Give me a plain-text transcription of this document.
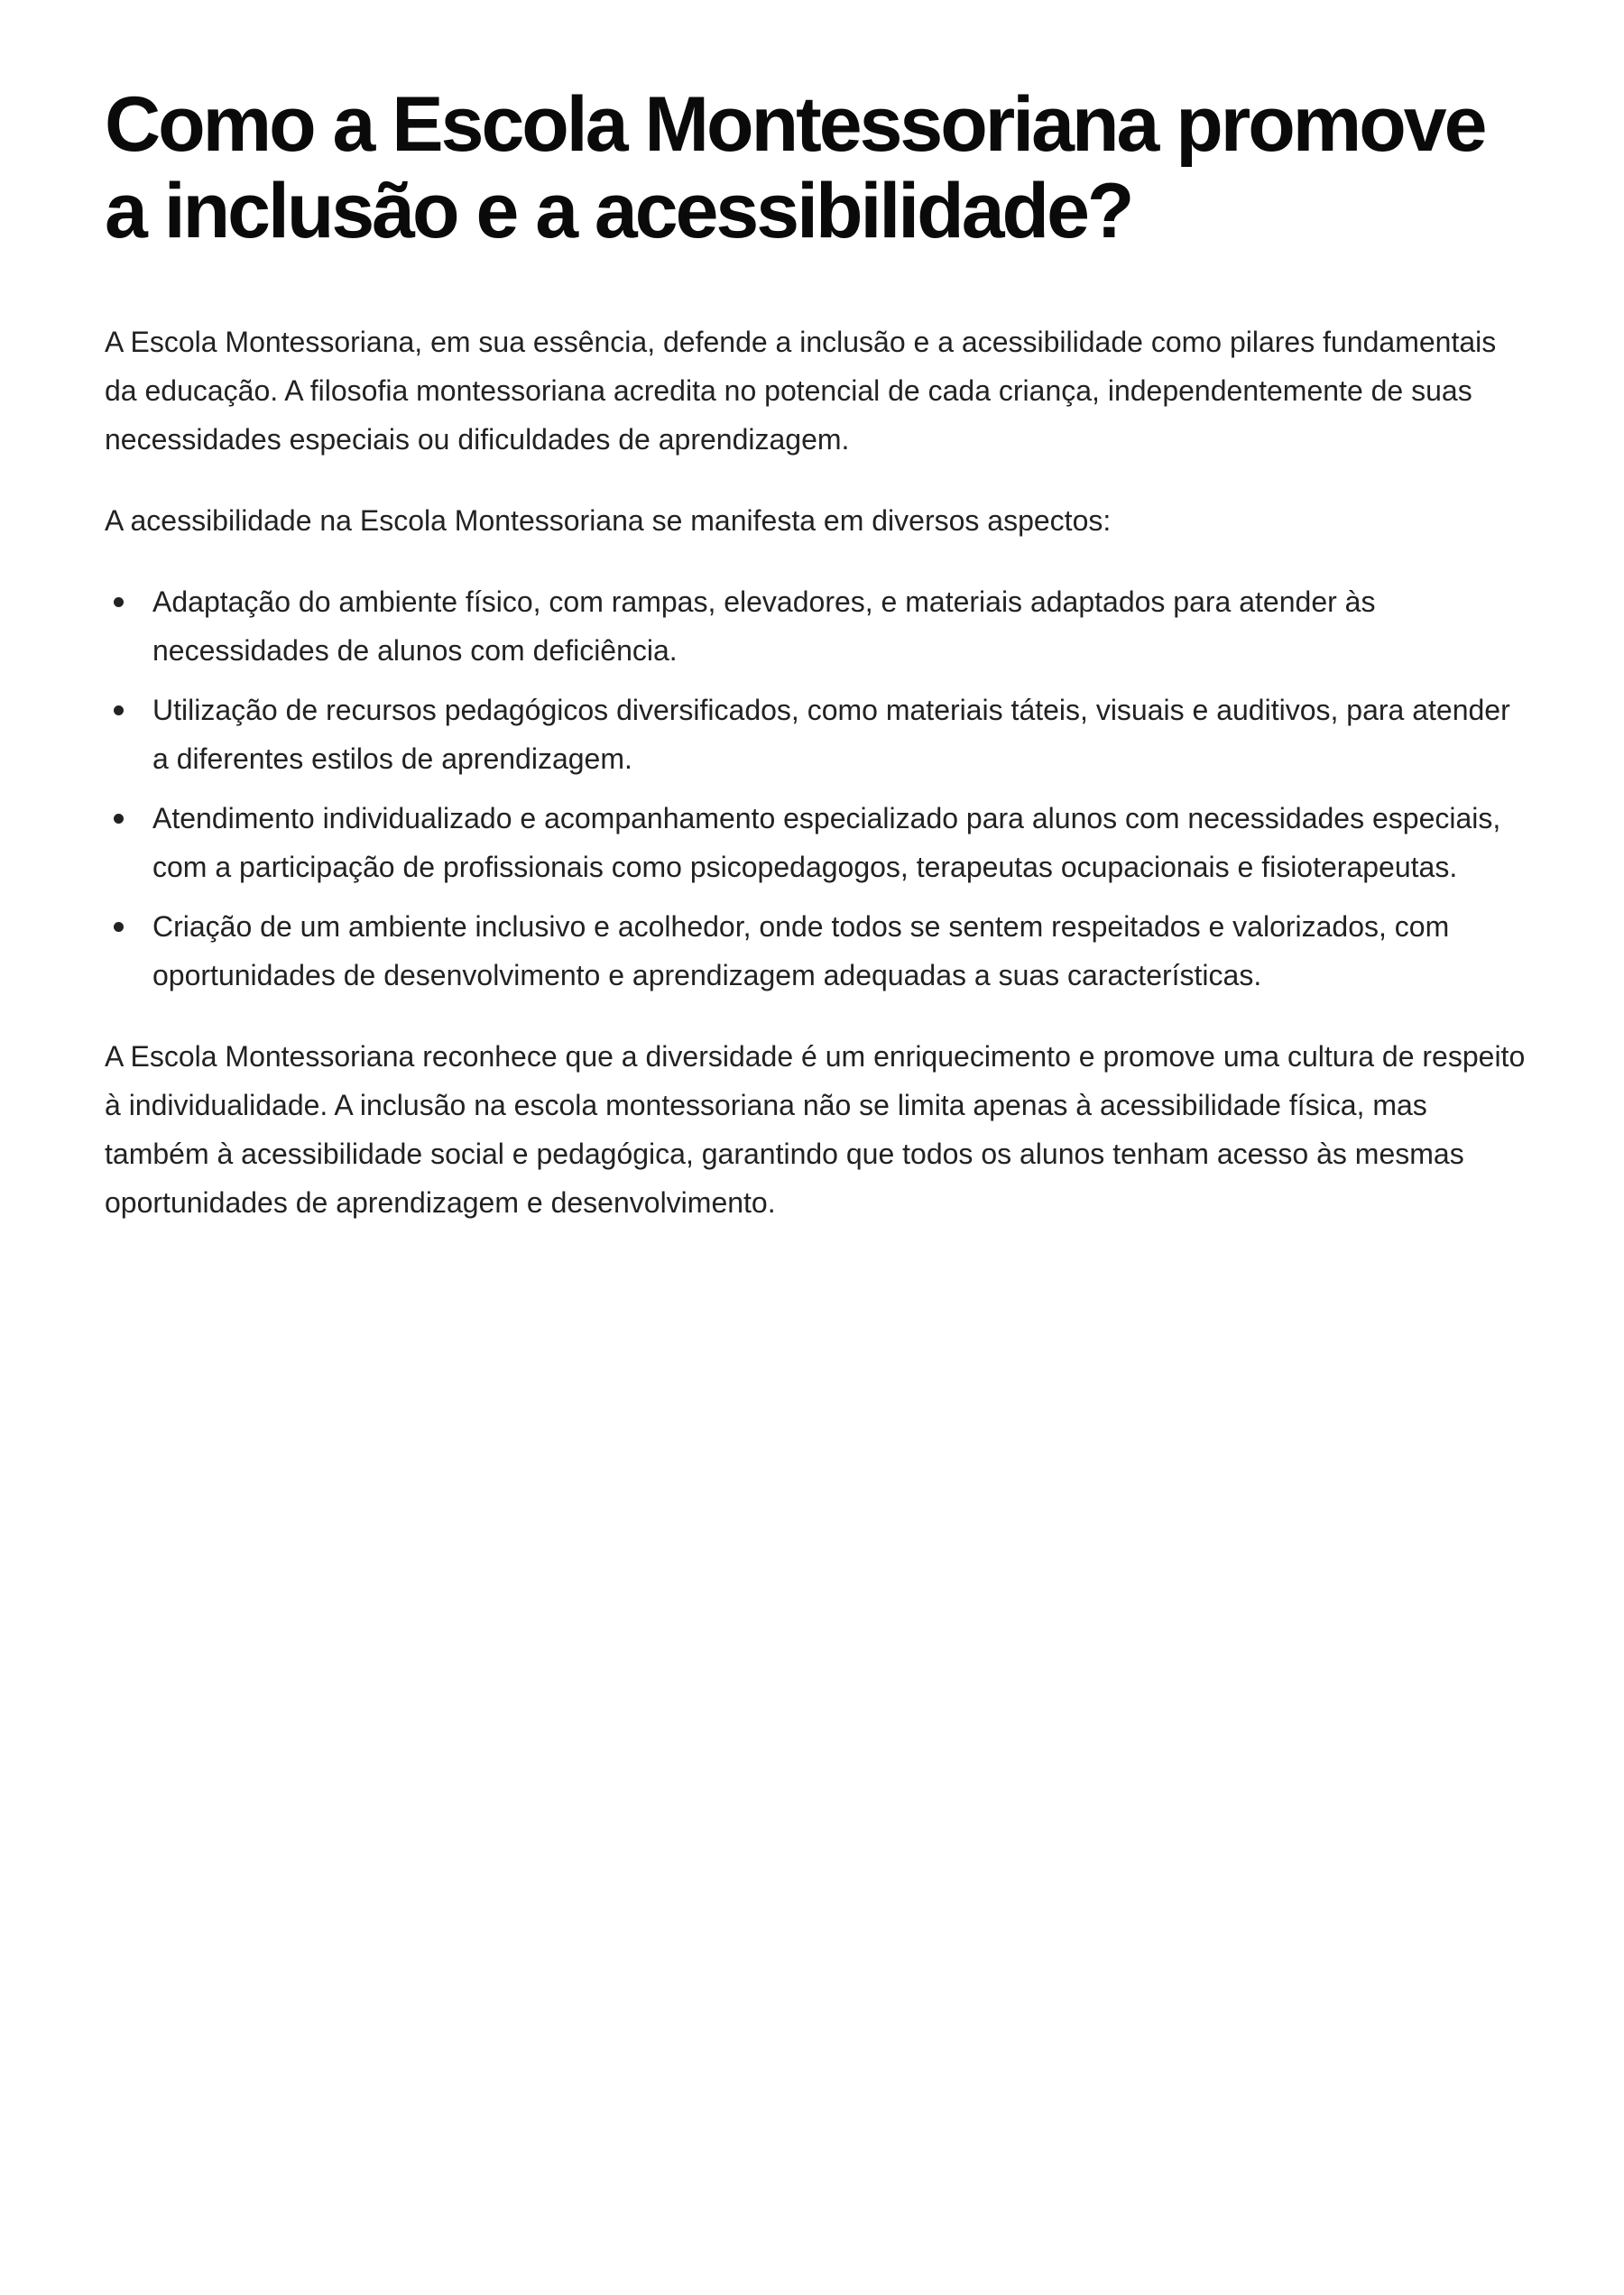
Como a Escola Montessoriana promove a inclusão e a acessibilidade?

A Escola Montessoriana, em sua essência, defende a inclusão e a acessibilidade como pilares fundamentais da educação. A filosofia montessoriana acredita no potencial de cada criança, independentemente de suas necessidades especiais ou dificuldades de aprendizagem.

A acessibilidade na Escola Montessoriana se manifesta em diversos aspectos:

Adaptação do ambiente físico, com rampas, elevadores, e materiais adaptados para atender às necessidades de alunos com deficiência.
Utilização de recursos pedagógicos diversificados, como materiais táteis, visuais e auditivos, para atender a diferentes estilos de aprendizagem.
Atendimento individualizado e acompanhamento especializado para alunos com necessidades especiais, com a participação de profissionais como psicopedagogos, terapeutas ocupacionais e fisioterapeutas.
Criação de um ambiente inclusivo e acolhedor, onde todos se sentem respeitados e valorizados, com oportunidades de desenvolvimento e aprendizagem adequadas a suas características.

A Escola Montessoriana reconhece que a diversidade é um enriquecimento e promove uma cultura de respeito à individualidade. A inclusão na escola montessoriana não se limita apenas à acessibilidade física, mas também à acessibilidade social e pedagógica, garantindo que todos os alunos tenham acesso às mesmas oportunidades de aprendizagem e desenvolvimento.
